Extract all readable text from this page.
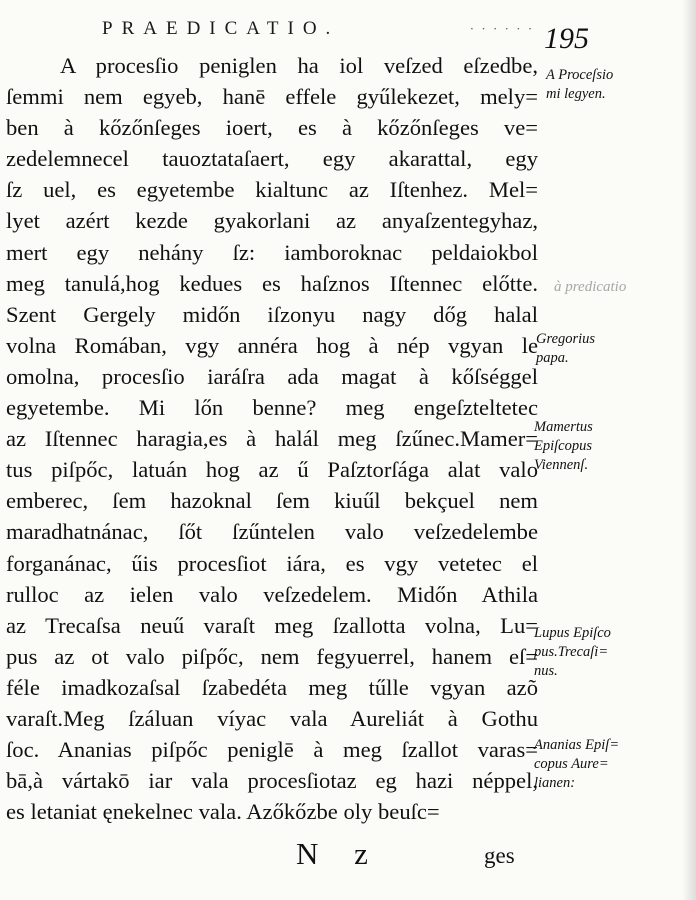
PRAEDICATIO.	· · · · · · 195
A procesſio peniglen ha iol veſzed eſzedbe,
ſemmi nem egyeb, hanē effele gyűlekezet, mely=
ben à kőzőnſeges ioert, es à kőzőnſeges ve=
zedelemnecel tauoztataſaert, egy akarattal, egy
ſz uel, es egyetembe kialtunc az Iſtenhez. Mel=
lyet azért kezde gyakorlani az anyaſzentegyhaz,
mert egy nehány ſz: iamboroknac peldaiokbol
meg tanulá,hog kedues es haſznos Iſtennec előtte.
Szent Gergely midőn iſzonyu nagy dőg halal
volna Romában, vgy annéra hog à nép vgyan le
omolna, procesſio iaráſra ada magat à kőſséggel
egyetembe. Mi lőn benne? meg engeſzteltetec
az Iſtennec haragia,es à halál meg ſzűnec.Mamer=
tus piſpőc, latuán hog az ű Paſztorſága alat valo
emberec, ſem hazoknal ſem kiuűl bekçuel nem
maradhatnánac, ſőt ſzűntelen valo veſzedelembe
forganánac, űis procesſiot iára, es vgy vetetec el
rulloc az ielen valo veſzedelem. Midőn Athila
az Trecaſsa neuű varaſt meg ſzallotta volna, Lu=
pus az ot valo piſpőc, nem fegyuerrel, hanem eſ=
féle imadkozaſsal ſzabedéta meg tűlle vgyan azõ
varaſt.Meg ſzáluan víyac vala Aureliát à Gothu
ſoc. Ananias piſpőc peniglē à meg ſzallot varas=
bā,à vártakō iar vala procesſiotaz eg hazi néppel,
es letaniat ęnekelnec vala. Azőkőzbe oly beuſc=
A Proceſsio
mi legyen.
à predicatio
Gregorius
papa.
Mamertus
Epiſcopus
Viennenſ.
Lupus Epiſco
pus.Trecaſi=
nus.
Ananias Epiſ=
copus Aure=
lianen:
N z	ges
